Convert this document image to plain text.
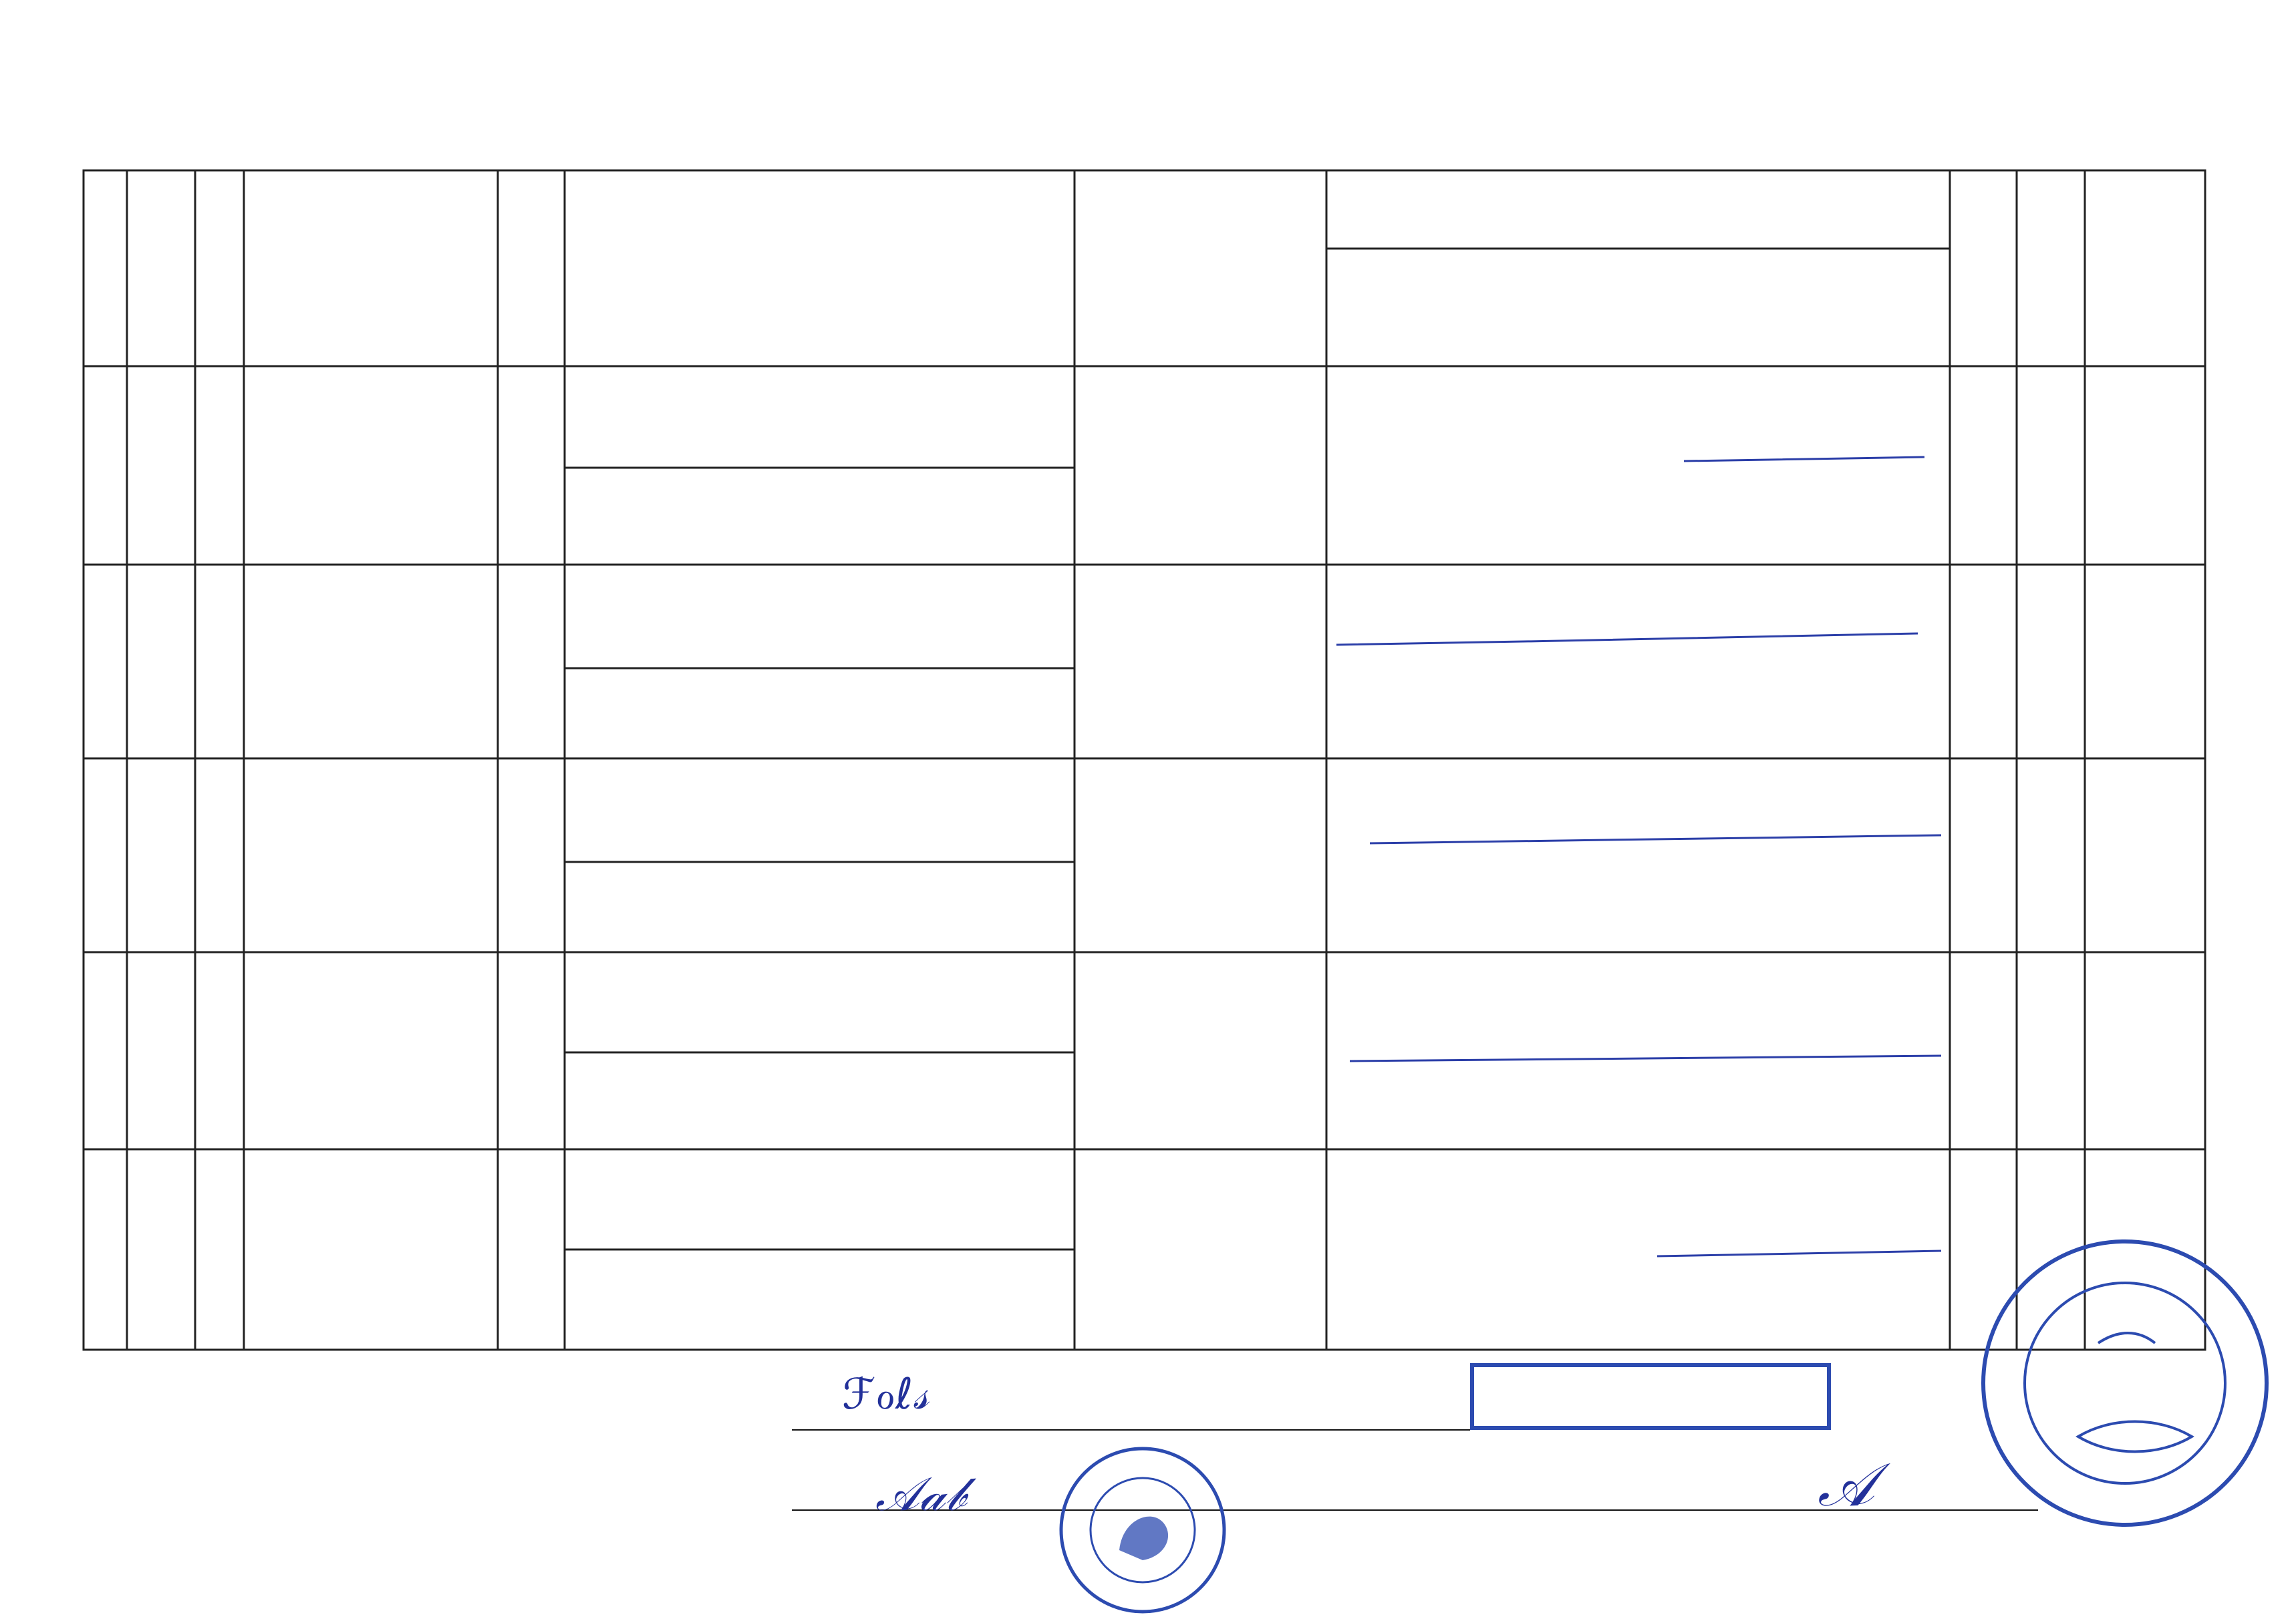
ℱℴℓ𝓈
𝒜𝒶𝒷	𝒜
